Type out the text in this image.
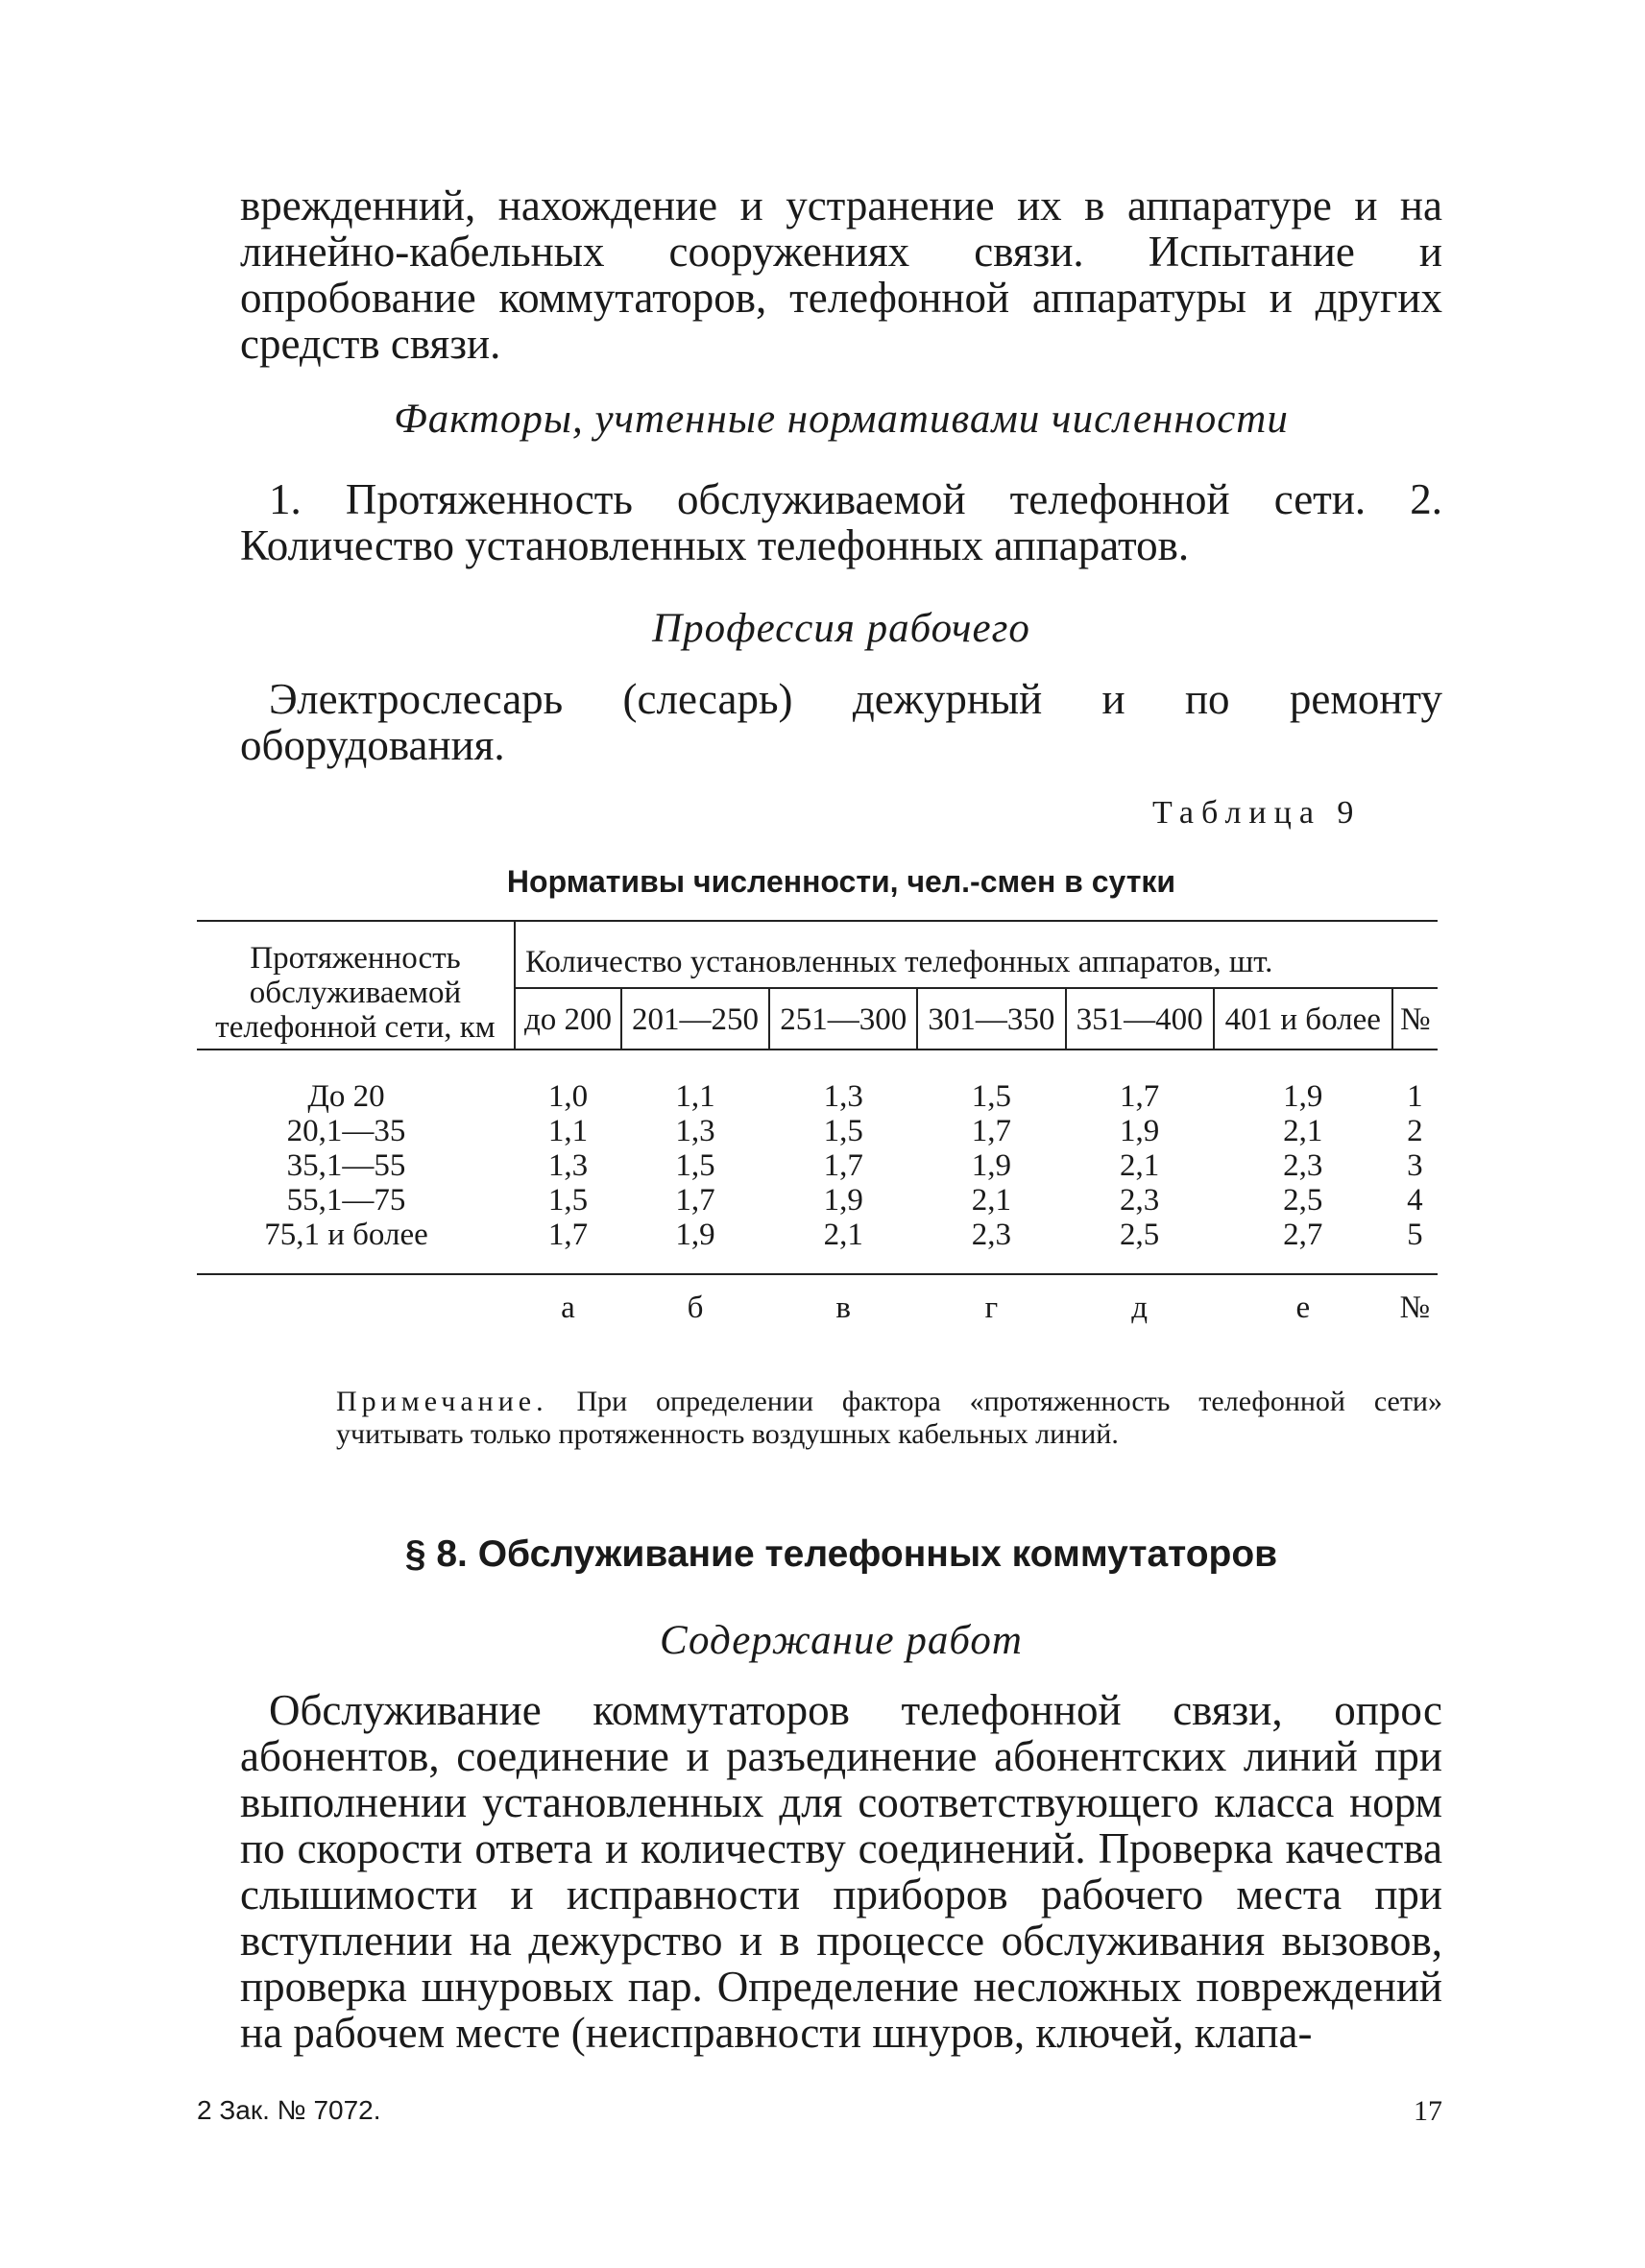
врежденний, нахождение и устранение их в аппаратуре и на линейно-кабельных сооружениях связи. Испытание и опробование коммутаторов, телефонной аппаратуры и других средств связи.

Факторы, учтенные нормативами численности

1. Протяженность обслуживаемой телефонной сети. 2. Количество установленных телефонных аппаратов.

Профессия рабочего

Электрослесарь (слесарь) дежурный и по ремонту оборудования.

Таблица 9
Нормативы численности, чел.-смен в сутки
Протяженность обслуживаемой телефонной сети, км	Количество установленных телефонных аппаратов, шт.						
	до 200	201—250	251—300	301—350	351—400	401 и более	№
До 20	1,0	1,1	1,3	1,5	1,7	1,9	1
20,1—35	1,1	1,3	1,5	1,7	1,9	2,1	2
35,1—55	1,3	1,5	1,7	1,9	2,1	2,3	3
55,1—75	1,5	1,7	1,9	2,1	2,3	2,5	4
75,1 и более	1,7	1,9	2,1	2,3	2,5	2,7	5
	а	б	в	г	д	е	№

Примечание. При определении фактора «протяженность телефонной сети» учитывать только протяженность воздушных кабельных линий.

§ 8. Обслуживание телефонных коммутаторов

Содержание работ

Обслуживание коммутаторов телефонной связи, опрос абонентов, соединение и разъединение абонентских линий при выполнении установленных для соответствующего класса норм по скорости ответа и количеству соединений. Проверка качества слышимости и исправности приборов рабочего места при вступлении на дежурство и в процессе обслуживания вызовов, проверка шнуровых пар. Определение несложных повреждений на рабочем месте (неисправности шнуров, ключей, клапа-

2 Зак. № 7072.	17
